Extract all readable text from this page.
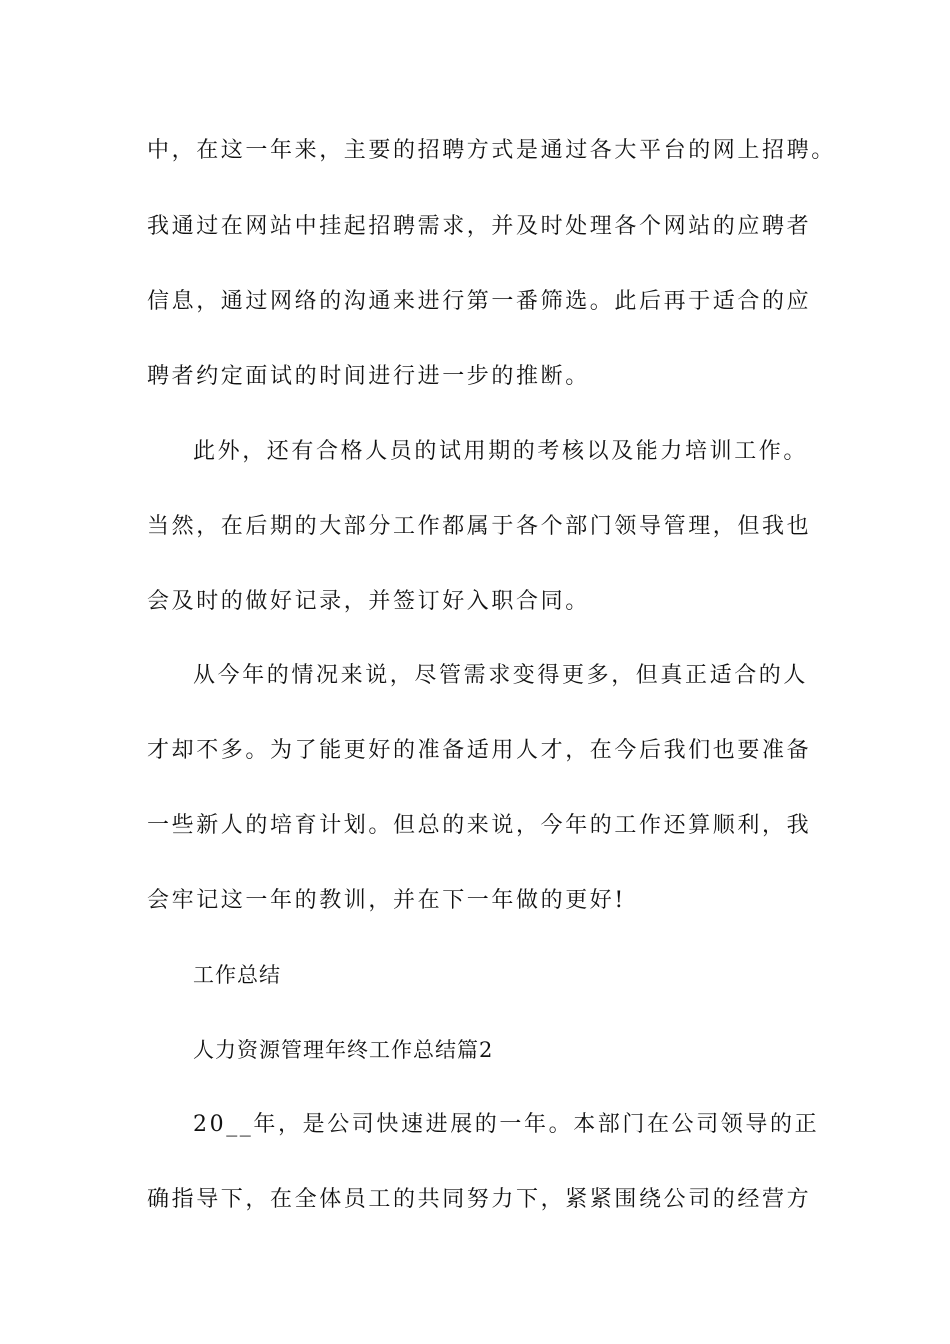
中，在这一年来，主要的招聘方式是通过各大平台的网上招聘。
我通过在网站中挂起招聘需求，并及时处理各个网站的应聘者
信息，通过网络的沟通来进行第一番筛选。此后再于适合的应
聘者约定面试的时间进行进一步的推断。
此外，还有合格人员的试用期的考核以及能力培训工作。
当然，在后期的大部分工作都属于各个部门领导管理，但我也
会及时的做好记录，并签订好入职合同。
从今年的情况来说，尽管需求变得更多，但真正适合的人
才却不多。为了能更好的准备适用人才，在今后我们也要准备
一些新人的培育计划。但总的来说，今年的工作还算顺利，我
会牢记这一年的教训，并在下一年做的更好!
工作总结
人力资源管理年终工作总结篇2
20__年，是公司快速进展的一年。本部门在公司领导的正
确指导下，在全体员工的共同努力下，紧紧围绕公司的经营方
